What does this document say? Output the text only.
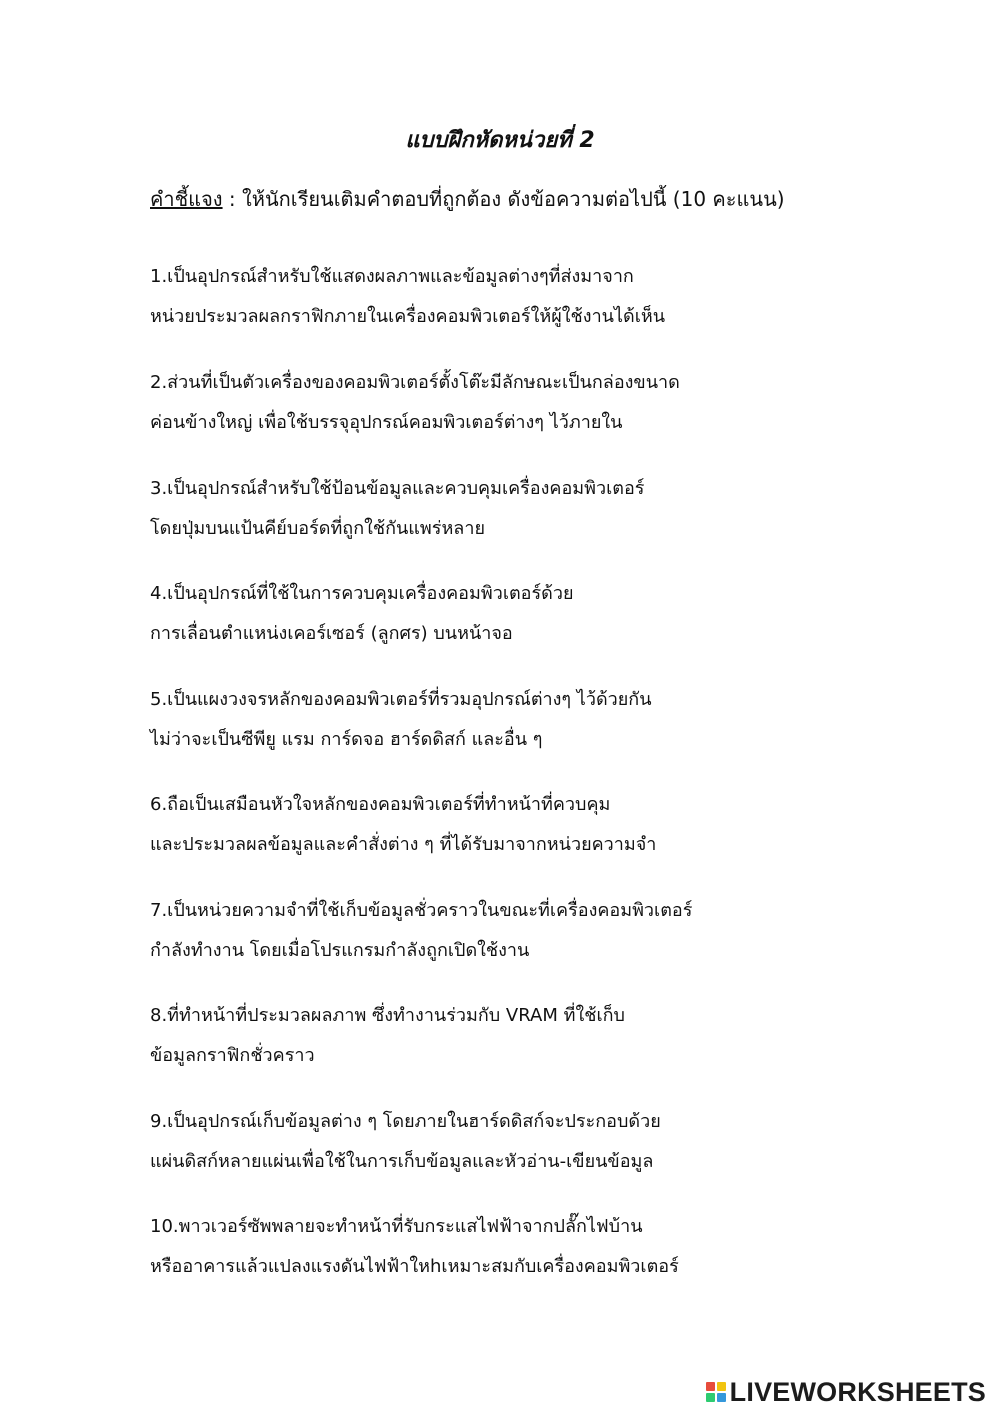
แบบฝึกหัดหน่วยที่ 2
คำชี้แจง : ให้นักเรียนเติมคำตอบที่ถูกต้อง ดังข้อความต่อไปนี้ (10 คะแนน)
1.เป็นอุปกรณ์สำหรับใช้แสดงผลภาพและข้อมูลต่างๆที่ส่งมาจาก
หน่วยประมวลผลกราฟิกภายในเครื่องคอมพิวเตอร์ให้ผู้ใช้งานได้เห็น
2.ส่วนที่เป็นตัวเครื่องของคอมพิวเตอร์ตั้งโต๊ะมีลักษณะเป็นกล่องขนาด
ค่อนข้างใหญ่ เพื่อใช้บรรจุอุปกรณ์คอมพิวเตอร์ต่างๆ ไว้ภายใน
3.เป็นอุปกรณ์สำหรับใช้ป้อนข้อมูลและควบคุมเครื่องคอมพิวเตอร์
โดยปุ่มบนแป้นคีย์บอร์ดที่ถูกใช้กันแพร่หลาย
4.เป็นอุปกรณ์ที่ใช้ในการควบคุมเครื่องคอมพิวเตอร์ด้วย
การเลื่อนตำแหน่งเคอร์เซอร์ (ลูกศร) บนหน้าจอ
5.เป็นแผงวงจรหลักของคอมพิวเตอร์ที่รวมอุปกรณ์ต่างๆ ไว้ด้วยกัน
ไม่ว่าจะเป็นซีพียู แรม การ์ดจอ ฮาร์ดดิสก์ และอื่น ๆ
6.ถือเป็นเสมือนหัวใจหลักของคอมพิวเตอร์ที่ทำหน้าที่ควบคุม
และประมวลผลข้อมูลและคำสั่งต่าง ๆ ที่ได้รับมาจากหน่วยความจำ
7.เป็นหน่วยความจำที่ใช้เก็บข้อมูลชั่วคราวในขณะที่เครื่องคอมพิวเตอร์
กำลังทำงาน โดยเมื่อโปรแกรมกำลังถูกเปิดใช้งาน
8.ที่ทำหน้าที่ประมวลผลภาพ ซึ่งทำงานร่วมกับ VRAM ที่ใช้เก็บ
ข้อมูลกราฟิกชั่วคราว
9.เป็นอุปกรณ์เก็บข้อมูลต่าง ๆ โดยภายในฮาร์ดดิสก์จะประกอบด้วย
แผ่นดิสก์หลายแผ่นเพื่อใช้ในการเก็บข้อมูลและหัวอ่าน-เขียนข้อมูล
10.พาวเวอร์ซัพพลายจะทำหน้าที่รับกระแสไฟฟ้าจากปลั๊กไฟบ้าน
หรืออาคารแล้วแปลงแรงดันไฟฟ้าใหhเหมาะสมกับเครื่องคอมพิวเตอร์
LIVEWORKSHEETS
